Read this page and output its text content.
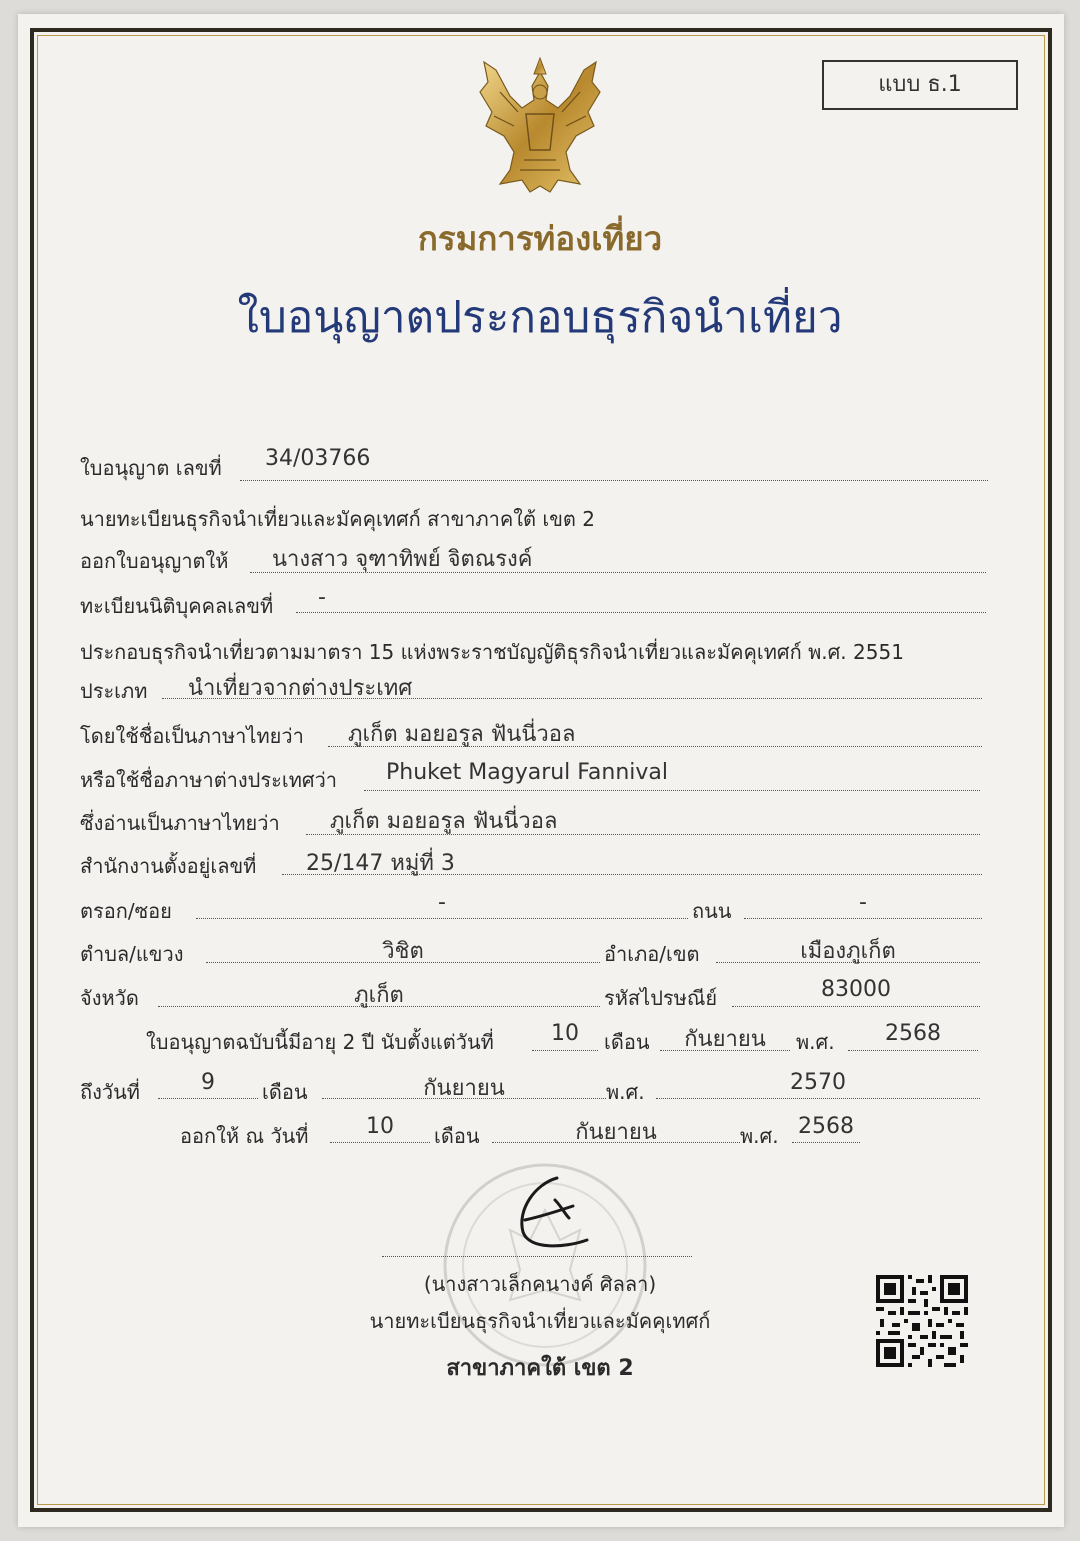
แบบ ธ.1
กรมการท่องเที่ยว
ใบอนุญาตประกอบธุรกิจนำเที่ยว
ใบอนุญาต เลขที่ 34/03766
นายทะเบียนธุรกิจนำเที่ยวและมัคคุเทศก์ สาขาภาคใต้ เขต 2
ออกใบอนุญาตให้ นางสาว จุฑาทิพย์ จิตณรงค์
ทะเบียนนิติบุคคลเลขที่ -
ประกอบธุรกิจนำเที่ยวตามมาตรา 15 แห่งพระราชบัญญัติธุรกิจนำเที่ยวและมัคคุเทศก์ พ.ศ. 2551
ประเภท นำเที่ยวจากต่างประเทศ
โดยใช้ชื่อเป็นภาษาไทยว่า ภูเก็ต มอยอรูล ฟันนี่วอล
หรือใช้ชื่อภาษาต่างประเทศว่า Phuket Magyarul Fannival
ซึ่งอ่านเป็นภาษาไทยว่า ภูเก็ต มอยอรูล ฟันนี่วอล
สำนักงานตั้งอยู่เลขที่ 25/147 หมู่ที่ 3
ตรอก/ซอย	-	ถนน	-
ตำบล/แขวง	วิชิต	อำเภอ/เขต	เมืองภูเก็ต
จังหวัด	ภูเก็ต	รหัสไปรษณีย์	83000
ใบอนุญาตฉบับนี้มีอายุ 2 ปี นับตั้งแต่วันที่	10	เดือน	กันยายน	พ.ศ.	2568
ถึงวันที่	9	เดือน	กันยายน	พ.ศ.	2570
ออกให้ ณ วันที่	10	เดือน	กันยายน	พ.ศ. 2568
(นางสาวเล็กคนางค์ ศิลลา)
นายทะเบียนธุรกิจนำเที่ยวและมัคคุเทศก์
สาขาภาคใต้ เขต 2
